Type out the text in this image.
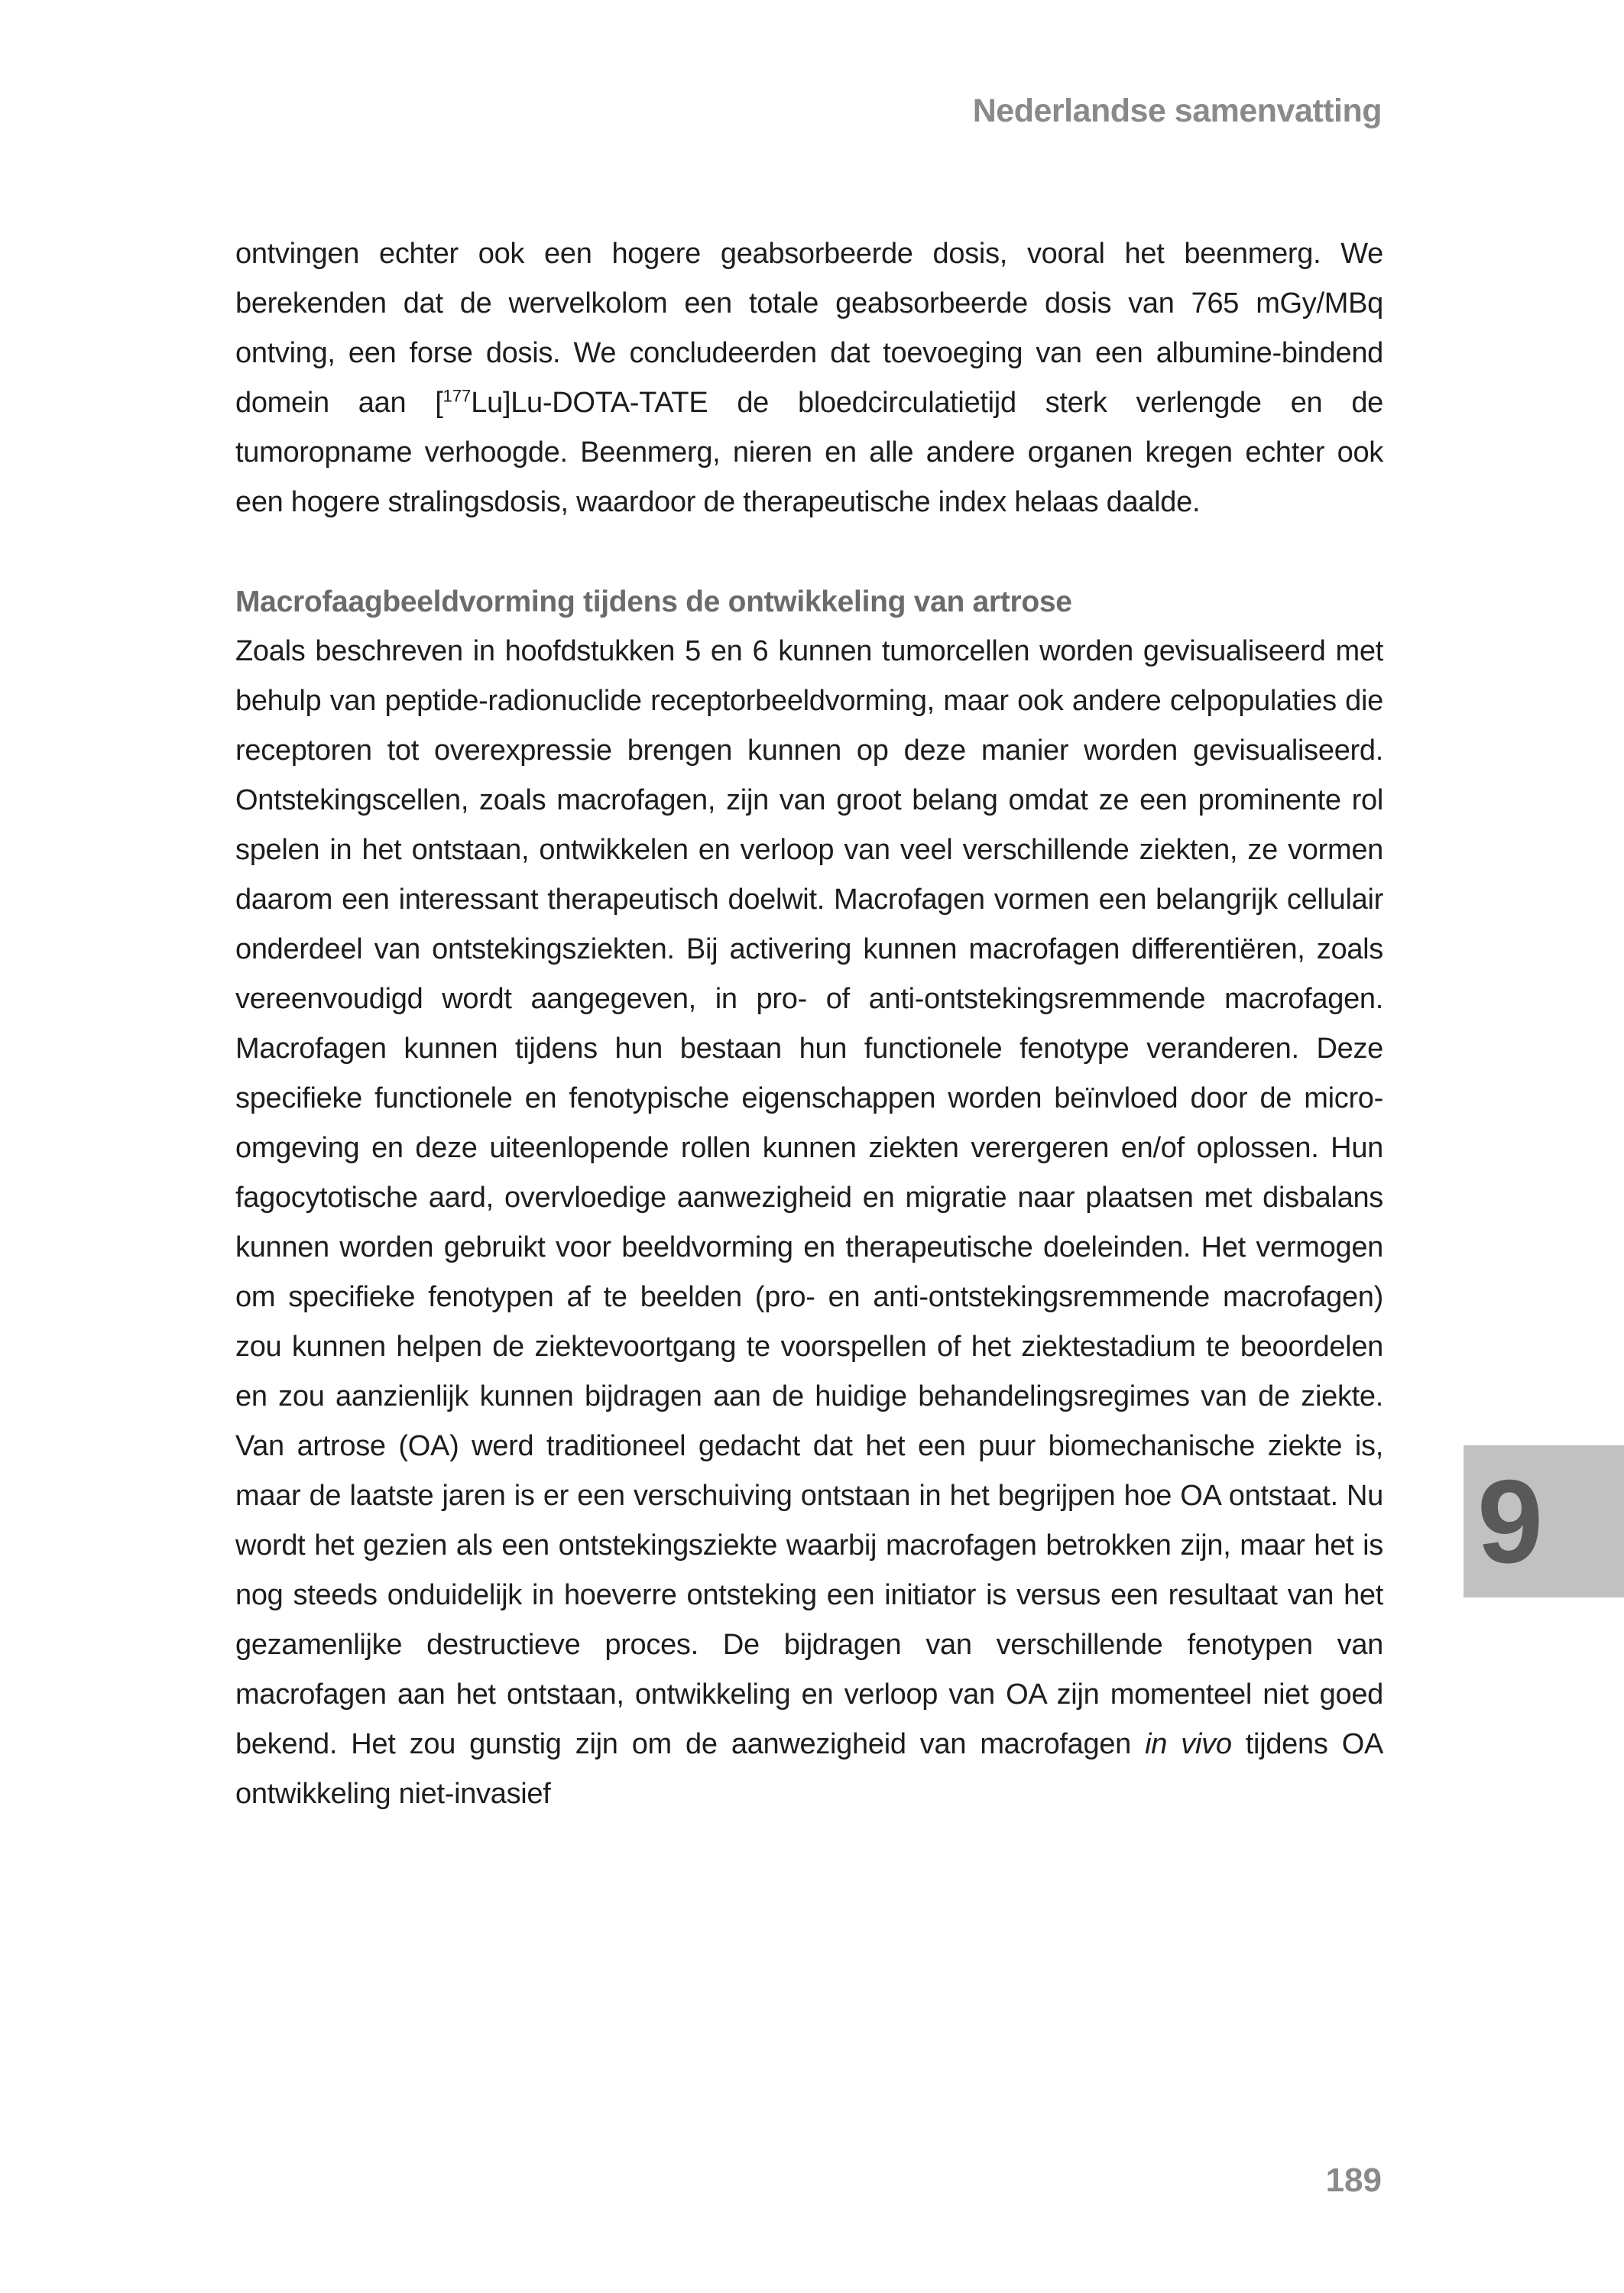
Nederlandse samenvatting

ontvingen echter ook een hogere geabsorbeerde dosis, vooral het beenmerg. We berekenden dat de wervelkolom een totale geabsorbeerde dosis van 765 mGy/MBq ontving, een forse dosis. We concludeerden dat toevoeging van een albumine-bindend domein aan [$^{177}$Lu]Lu-DOTA-TATE de bloedcirculatietijd sterk verlengde en de tumoropname verhoogde. Beenmerg, nieren en alle andere organen kregen echter ook een hogere stralingsdosis, waardoor de therapeutische index helaas daalde.

Macrofaagbeeldvorming tijdens de ontwikkeling van artrose

Zoals beschreven in hoofdstukken 5 en 6 kunnen tumorcellen worden gevisualiseerd met behulp van peptide-radionuclide receptorbeeldvorming, maar ook andere celpopulaties die receptoren tot overexpressie brengen kunnen op deze manier worden gevisualiseerd. Ontstekingscellen, zoals macrofagen, zijn van groot belang omdat ze een prominente rol spelen in het ontstaan, ontwikkelen en verloop van veel verschillende ziekten, ze vormen daarom een interessant therapeutisch doelwit. Macrofagen vormen een belangrijk cellulair onderdeel van ontstekingsziekten. Bij activering kunnen macrofagen differentiëren, zoals vereenvoudigd wordt aangegeven, in pro- of anti-ontstekingsremmende macrofagen. Macrofagen kunnen tijdens hun bestaan hun functionele fenotype veranderen. Deze specifieke functionele en fenotypische eigenschappen worden beïnvloed door de micro-omgeving en deze uiteenlopende rollen kunnen ziekten verergeren en/of oplossen. Hun fagocytotische aard, overvloedige aanwezigheid en migratie naar plaatsen met disbalans kunnen worden gebruikt voor beeldvorming en therapeutische doeleinden. Het vermogen om specifieke fenotypen af te beelden (pro- en anti-ontstekingsremmende macrofagen) zou kunnen helpen de ziektevoortgang te voorspellen of het ziektestadium te beoordelen en zou aanzienlijk kunnen bijdragen aan de huidige behandelingsregimes van de ziekte. Van artrose (OA) werd traditioneel gedacht dat het een puur biomechanische ziekte is, maar de laatste jaren is er een verschuiving ontstaan in het begrijpen hoe OA ontstaat. Nu wordt het gezien als een ontstekingsziekte waarbij macrofagen betrokken zijn, maar het is nog steeds onduidelijk in hoeverre ontsteking een initiator is versus een resultaat van het gezamenlijke destructieve proces. De bijdragen van verschillende fenotypen van macrofagen aan het ontstaan, ontwikkeling en verloop van OA zijn momenteel niet goed bekend. Het zou gunstig zijn om de aanwezigheid van macrofagen in vivo tijdens OA ontwikkeling niet-invasief

9
189
